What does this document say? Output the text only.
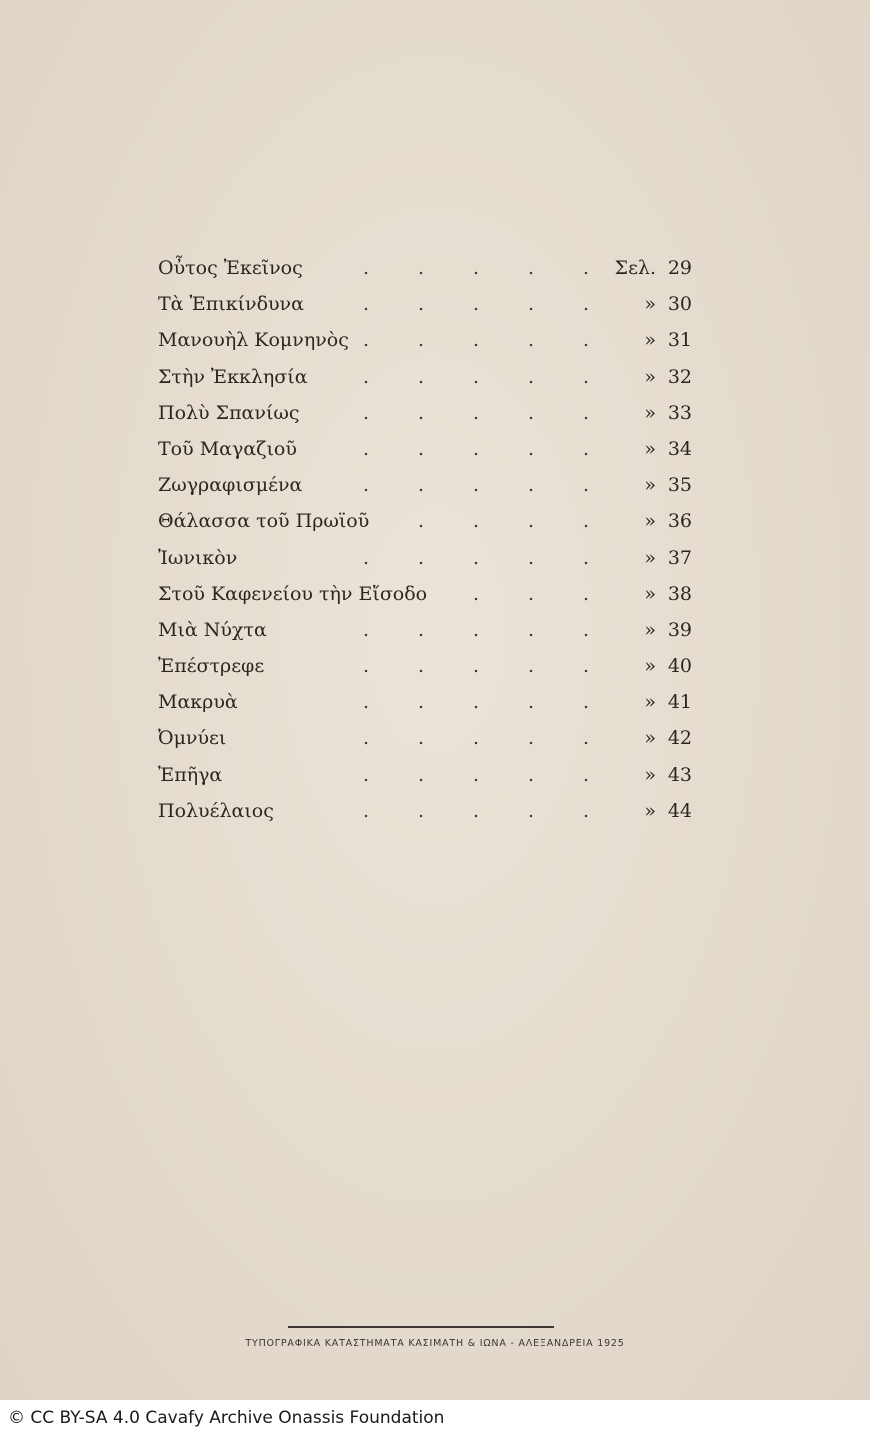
Οὖτος Ἐκεῖνος	.	.	.	.	.	Σελ. 29
Τὰ Ἐπικίνδυνα	.	.	.	.	.	» 30
Μανουὴλ Κομνηνὸς .	.	.	.	.	» 31
Στὴν Ἐκκλησία	.	.	.	.	.	» 32
Πολὺ Σπανίως	.	.	.	.	.	» 33
Τοῦ Μαγαζιοῦ	.	.	.	.	.	» 34
Ζωγραφισμένα	.	.	.	.	.	» 35
Θάλασσα τοῦ Πρωϊοῦ	.	.	.	.	» 36
Ἰωνικὸν	.	.	.	.	.	» 37
Στοῦ Καφενείου τὴν Εἴσοδο .	.	.	» 38
Μιὰ Νύχτα	.	.	.	.	.	» 39
Ἐπέστρεφε	.	.	.	.	.	» 40
Μακρυὰ	.	.	.	.	.	» 41
Ὀμνύει	.	.	.	.	.	» 42
Ἐπῆγα	.	.	.	.	.	» 43
Πολυέλαιος	.	.	.	.	.	» 44
ΤΥΠΟΓΡΑΦΙΚΑ ΚΑΤΑΣΤΗΜΑΤΑ ΚΑΣΙΜΑΤΗ & ΙΩΝΑ - ΑΛΕΞΑΝΔΡΕΙΑ 1925
© CC BY-SA 4.0 Cavafy Archive Onassis Foundation
